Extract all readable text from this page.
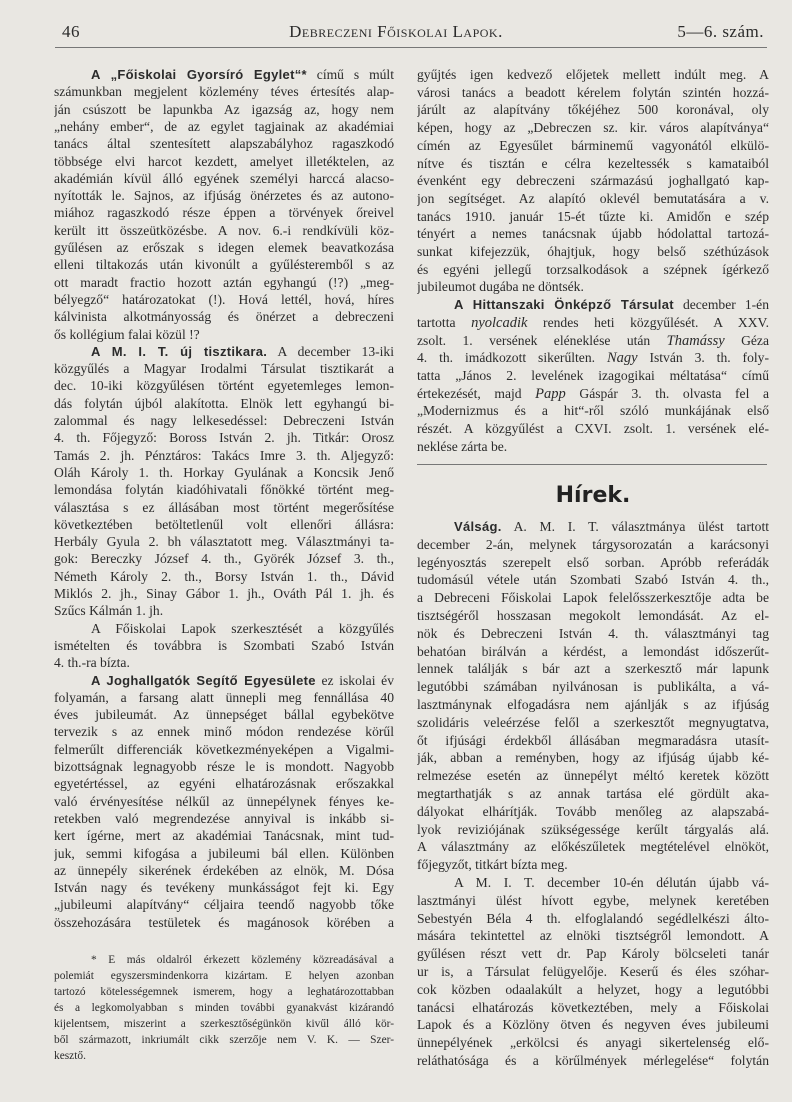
46	Debreczeni Főiskolai Lapok.	5—6. szám.
A „Főiskolai Gyorsíró Egylet“* című s múlt
számunkban megjelent közlemény téves értesítés alap-
ján csúszott be lapunkba Az igazság az, hogy nem
„nehány ember“, de az egylet tagjainak az akadémiai
tanács által szentesített alapszabályhoz ragaszkodó
többsége elvi harcot kezdett, amelyet illetéktelen, az
akadémián kívül álló egyének személyi harccá alacso-
nyították le. Sajnos, az ifjúság önérzetes és az autono-
miához ragaszkodó része éppen a törvények őreivel
került itt összeütközésbe. A nov. 6.-i rendkívüli köz-
gyűlésen az erőszak s idegen elemek beavatkozása
elleni tiltakozás után kivonúlt a gyűlésteremből s az
ott maradt fractio hozott aztán egyhangú (!?) „meg-
bélyegző“ határozatokat (!). Hová lettél, hová, híres
kálvinista alkotmányosság és önérzet a debreczeni
ős kollégium falai közül !?
A M. I. T. új tisztikara. A december 13-iki
közgyűlés a Magyar Irodalmi Társulat tisztikarát a
dec. 10-iki közgyűlésen történt egyetemleges lemon-
dás folytán újból alakította. Elnök lett egyhangú bi-
zalommal és nagy lelkesedéssel: Debreczeni István
4. th. Főjegyző: Boross István 2. jh. Titkár: Orosz
Tamás 2. jh. Pénztáros: Takács Imre 3. th. Aljegyző:
Oláh Károly 1. th. Horkay Gyulának a Koncsik Jenő
lemondása folytán kiadóhivatali főnökké történt meg-
választása s ez állásában most történt megerősítése
következtében betöltetlenűl volt ellenőri állásra:
Herbály Gyula 2. bh választatott meg. Választmányi ta-
gok: Bereczky József 4. th., Györék József 3. th.,
Németh Károly 2. th., Borsy István 1. th., Dávid
Miklós 2. jh., Sinay Gábor 1. jh., Ováth Pál 1. jh. és
Szűcs Kálmán 1. jh.
A Főiskolai Lapok szerkesztését a közgyűlés
ismételten és továbbra is Szombati Szabó István
4. th.-ra bízta.
A Joghallgatók Segítő Egyesülete ez iskolai év
folyamán, a farsang alatt ünnepli meg fennállása 40
éves jubileumát. Az ünnepséget bállal egybekötve
tervezik s az ennek minő módon rendezése körűl
felmerűlt differenciák következményeképen a Vigalmi-
bizottságnak legnagyobb része le is mondott. Nagyobb
egyetértéssel, az egyéni elhatározásnak erőszakkal
való érvényesítése nélkűl az ünnepélynek fényes ke-
retekben való megrendezése annyival is inkább si-
kert ígérne, mert az akadémiai Tanácsnak, mint tud-
juk, semmi kifogása a jubileumi bál ellen. Különben
az ünnepély sikerének érdekében az elnök, M. Dósa
István nagy és tevékeny munkásságot fejt ki. Egy
„jubileumi alapítvány“ céljaira teendő nagyobb tőke
összehozására testületek és magánosok körében a
gyűjtés igen kedvező előjetek mellett indúlt meg. A
városi tanács a beadott kérelem folytán szintén hozzá-
járúlt az alapítvány tőkéjéhez 500 koronával, oly
képen, hogy az „Debreczen sz. kir. város alapítványa“
címén az Egyesűlet bárminemű vagyonától elkülö-
nítve és tisztán e célra kezeltessék s kamataiból
évenként egy debreczeni származású joghallgató kap-
jon segítséget. Az alapító oklevél bemutatására a v.
tanács 1910. január 15-ét tűzte ki. Amidőn e szép
tényért a nemes tanácsnak újabb hódolattal tartozá-
sunkat kifejezzük, óhajtjuk, hogy belső széthúzások
és egyéni jellegű torzsalkodások a szépnek ígérkező
jubileumot dugába ne döntsék.
A Hittanszaki Önképző Társulat december 1-én
tartotta nyolcadik rendes heti közgyűlését. A XXV.
zsolt. 1. versének eléneklése után Thamássy Géza
4. th. imádkozott sikerűlten. Nagy István 3. th. foly-
tatta „János 2. levelének izagogikai méltatása“ című
értekezését, majd Papp Gáspár 3. th. olvasta fel a
„Modernizmus és a hit“-ről szóló munkájának első
részét. A közgyűlést a CXVI. zsolt. 1. versének elé-
neklése zárta be.
Válság. A. M. I. T. választmánya ülést tartott
december 2-án, melynek tárgysorozatán a karácsonyi
legényosztás szerepelt első sorban. Apróbb referádák
tudomásúl vétele után Szombati Szabó István 4. th.,
a Debreceni Főiskolai Lapok felelősszerkesztője adta be
tisztségéről hosszasan megokolt lemondását. Az el-
nök és Debreczeni István 4. th. választmányi tag
behatóan birálván a kérdést, a lemondást időszerűt-
lennek találják s bár azt a szerkesztő már lapunk
legutóbbi számában nyilvánosan is publikálta, a vá-
lasztmánynak elfogadásra nem ajánlják s az ifjúság
szolidáris veleérzése felől a szerkesztőt megnyugtatva,
őt ifjúsági érdekből állásában megmaradásra utasít-
ják, abban a reményben, hogy az ifjúság újabb ké-
relmezése esetén az ünnepélyt méltó keretek között
megtarthatják s az annak tartása elé gördült aka-
dályokat elhárítják. Tovább menőleg az alapszabá-
lyok reviziójának szükségessége kerűlt tárgyalás alá.
A választmány az előkészűletek megtételével elnököt,
főjegyzőt, titkárt bízta meg.
A M. I. T. december 10-én délután újabb vá-
lasztmányi ülést hívott egybe, melynek keretében
Sebestyén Béla 4 th. elfoglalandó segédlelkészi álto-
mására tekintettel az elnöki tisztségről lemondott. A
gyűlésen részt vett dr. Pap Károly bölcseleti tanár
ur is, a Társulat felügyelője. Keserű és éles szóhar-
cok közben odaalakúlt a helyzet, hogy a legutóbbi
tanácsi elhatározás következtében, mely a Főiskolai
Lapok és a Közlöny ötven és negyven éves jubileumi
ünnepélyének „erkölcsi és anyagi sikertelenség elő-
reláthatósága és a körűlmények mérlegelése“ folytán
* E más oldalról érkezett közlemény közreadásával a
polemiát egyszersmindenkorra kizártam. E helyen azonban
tartozó kötelességemnek ismerem, hogy a leghatározottabban
és a legkomolyabban s minden további gyanakvást kizárandó
kijelentsem, miszerint a szerkesztőségünkön kivűl álló kör-
ből származott, inkriumált cikk szerzője nem V. K. — Szer-
kesztő.
Hírek.
